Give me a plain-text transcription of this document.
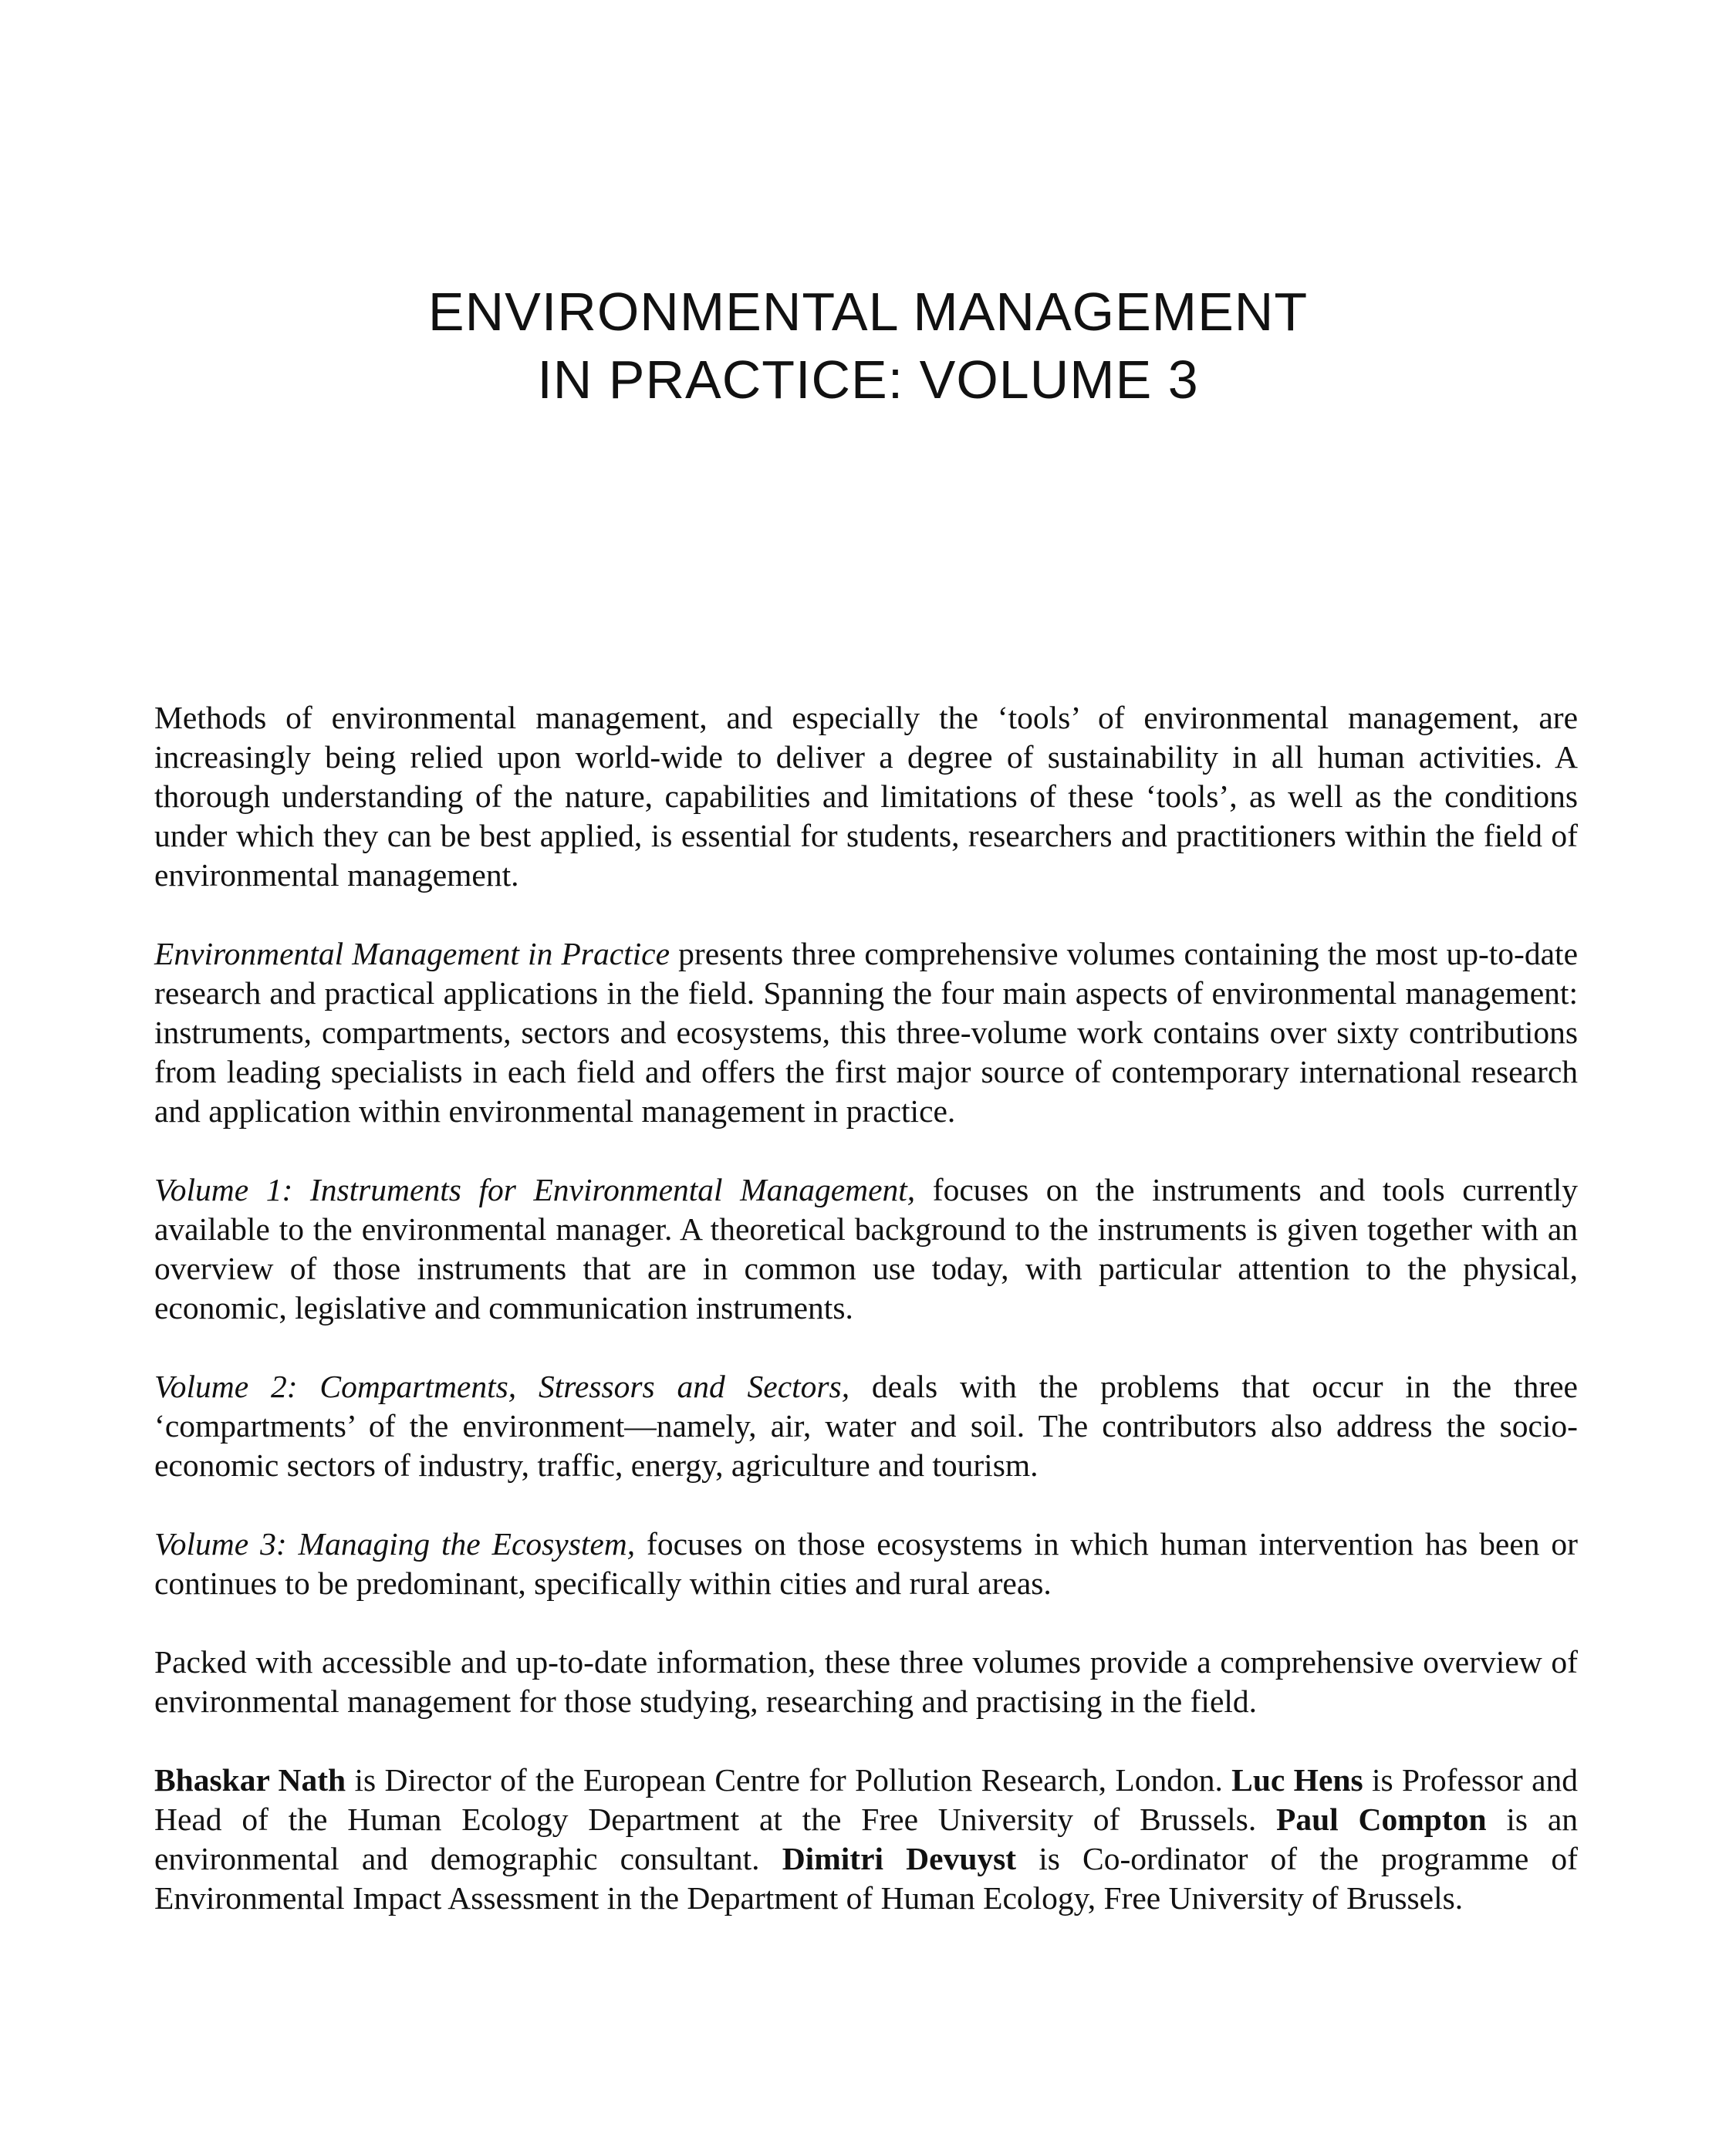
ENVIRONMENTAL MANAGEMENT
IN PRACTICE: VOLUME 3

Methods of environmental management, and especially the ‘tools’ of environmental management, are increasingly being relied upon world-wide to deliver a degree of sustainability in all human activities. A thorough understanding of the nature, capabilities and limitations of these ‘tools’, as well as the conditions under which they can be best applied, is essential for students, researchers and practitioners within the field of environmental management.

Environmental Management in Practice presents three comprehensive volumes containing the most up-to-date research and practical applications in the field. Spanning the four main aspects of environmental management: instruments, compartments, sectors and ecosystems, this three-volume work contains over sixty contributions from leading specialists in each field and offers the first major source of contemporary international research and application within environmental management in practice.

Volume 1: Instruments for Environmental Management, focuses on the instruments and tools currently available to the environmental manager. A theoretical background to the instruments is given together with an overview of those instruments that are in common use today, with particular attention to the physical, economic, legislative and communication instruments.

Volume 2: Compartments, Stressors and Sectors, deals with the problems that occur in the three ‘compartments’ of the environment—namely, air, water and soil. The contributors also address the socio-economic sectors of industry, traffic, energy, agriculture and tourism.

Volume 3: Managing the Ecosystem, focuses on those ecosystems in which human intervention has been or continues to be predominant, specifically within cities and rural areas.

Packed with accessible and up-to-date information, these three volumes provide a comprehensive overview of environmental management for those studying, researching and practising in the field.

Bhaskar Nath is Director of the European Centre for Pollution Research, London. Luc Hens is Professor and Head of the Human Ecology Department at the Free University of Brussels. Paul Compton is an environmental and demographic consultant. Dimitri Devuyst is Co-ordinator of the programme of Environmental Impact Assessment in the Department of Human Ecology, Free University of Brussels.
